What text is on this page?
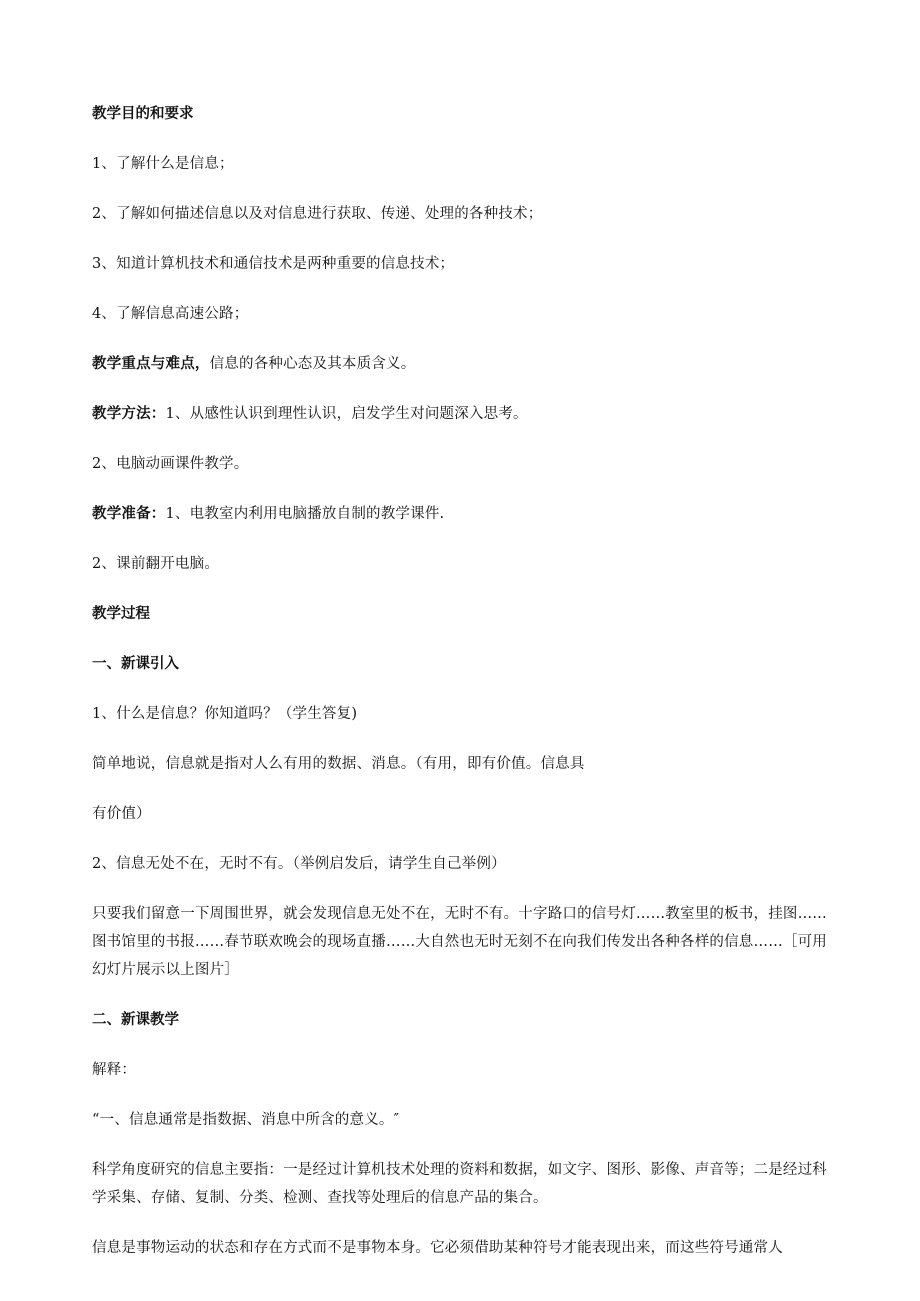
教学目的和要求

1、了解什么是信息；

2、了解如何描述信息以及对信息进行获取、传递、处理的各种技术；

3、知道计算机技术和通信技术是两种重要的信息技术；

4、了解信息高速公路；

教学重点与难点，信息的各种心态及其本质含义。

教学方法：1、从感性认识到理性认识，启发学生对问题深入思考。

2、电脑动画课件教学。

教学准备：1、电教室内利用电脑播放自制的教学课件.

2、课前翻开电脑。

教学过程

一、新课引入

1、什么是信息？你知道吗？（学生答复)

简单地说，信息就是指对人么有用的数据、消息。（有用，即有价值。信息具

有价值）

2、信息无处不在，无时不有。（举例启发后，请学生自己举例）

只要我们留意一下周围世界，就会发现信息无处不在，无时不有。十字路口的信号灯……教室里的板书，挂图……图书馆里的书报……春节联欢晚会的现场直播……大自然也无时无刻不在向我们传发出各种各样的信息……［可用幻灯片展示以上图片］

二、新课教学

解释：

“一、信息通常是指数据、消息中所含的意义。″

科学角度研究的信息主要指：一是经过计算机技术处理的资料和数据，如文字、图形、影像、声音等；二是经过科学采集、存储、复制、分类、检测、查找等处理后的信息产品的集合。

信息是事物运动的状态和存在方式而不是事物本身。它必须借助某种符号才能表现出来，而这些符号通常人
